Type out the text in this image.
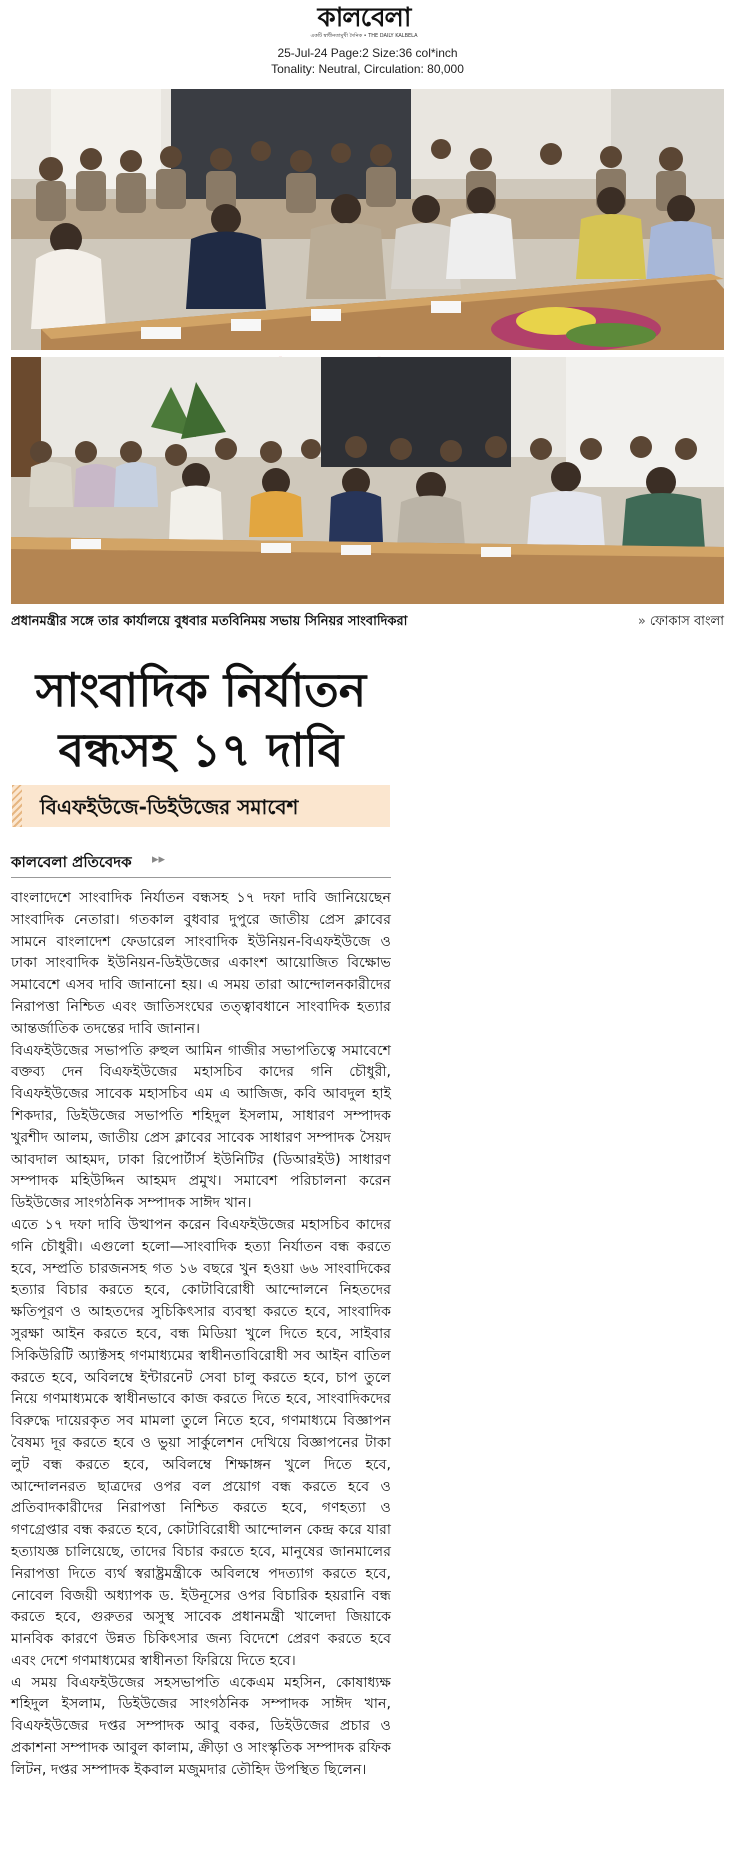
কালবেলা
একটি স্বাধীনতামুখী দৈনিক • THE DAILY KALBELA
25-Jul-24 Page:2 Size:36 col*inch
Tonality: Neutral, Circulation: 80,000
প্রধানমন্ত্রীর সঙ্গে তার কার্যালয়ে বুধবার মতবিনিময় সভায় সিনিয়র সাংবাদিকরা	» ফোকাস বাংলা
সাংবাদিক নির্যাতন
বন্ধসহ ১৭ দাবি
বিএফইউজে-ডিইউজের সমাবেশ
কালবেলা প্রতিবেদক ▸▸

বাংলাদেশে সাংবাদিক নির্যাতন বন্ধসহ ১৭ দফা দাবি জানিয়েছেন সাংবাদিক নেতারা। গতকাল বুধবার দুপুরে জাতীয় প্রেস ক্লাবের সামনে বাংলাদেশ ফেডারেল সাংবাদিক ইউনিয়ন-বিএফইউজে ও ঢাকা সাংবাদিক ইউনিয়ন-ডিইউজের একাংশ আয়োজিত বিক্ষোভ সমাবেশে এসব দাবি জানানো হয়। এ সময় তারা আন্দোলনকারীদের নিরাপত্তা নিশ্চিত এবং জাতিসংঘের তত্ত্বাবধানে সাংবাদিক হত্যার আন্তর্জাতিক তদন্তের দাবি জানান।

বিএফইউজের সভাপতি রুহুল আমিন গাজীর সভাপতিত্বে সমাবেশে বক্তব্য দেন বিএফইউজের মহাসচিব কাদের গনি চৌধুরী, বিএফইউজের সাবেক মহাসচিব এম এ আজিজ, কবি আবদুল হাই শিকদার, ডিইউজের সভাপতি শহিদুল ইসলাম, সাধারণ সম্পাদক খুরশীদ আলম, জাতীয় প্রেস ক্লাবের সাবেক সাধারণ সম্পাদক সৈয়দ আবদাল আহমদ, ঢাকা রিপোর্টার্স ইউনিটির (ডিআরইউ) সাধারণ সম্পাদক মহিউদ্দিন আহমদ প্রমুখ। সমাবেশ পরিচালনা করেন ডিইউজের সাংগঠনিক সম্পাদক সাঈদ খান।

এতে ১৭ দফা দাবি উত্থাপন করেন বিএফইউজের মহাসচিব কাদের গনি চৌধুরী। এগুলো হলো—সাংবাদিক হত্যা নির্যাতন বন্ধ করতে হবে, সম্প্রতি চারজনসহ গত ১৬ বছরে খুন হওয়া ৬৬ সাংবাদিকের হত্যার বিচার করতে হবে, কোটাবিরোধী আন্দোলনে নিহতদের ক্ষতিপূরণ ও আহতদের সুচিকিৎসার ব্যবস্থা করতে হবে, সাংবাদিক সুরক্ষা আইন করতে হবে, বন্ধ মিডিয়া খুলে দিতে হবে, সাইবার সিকিউরিটি অ্যাক্টসহ গণমাধ্যমের স্বাধীনতাবিরোধী সব আইন বাতিল করতে হবে, অবিলম্বে ইন্টারনেট সেবা চালু করতে হবে, চাপ তুলে নিয়ে গণমাধ্যমকে স্বাধীনভাবে কাজ করতে দিতে হবে, সাংবাদিকদের বিরুদ্ধে দায়েরকৃত সব মামলা তুলে নিতে হবে, গণমাধ্যমে বিজ্ঞাপন বৈষম্য দূর করতে হবে ও ভুয়া সার্কুলেশন দেখিয়ে বিজ্ঞাপনের টাকা লুট বন্ধ করতে হবে, অবিলম্বে শিক্ষাঙ্গন খুলে দিতে হবে, আন্দোলনরত ছাত্রদের ওপর বল প্রয়োগ বন্ধ করতে হবে ও প্রতিবাদকারীদের নিরাপত্তা নিশ্চিত করতে হবে, গণহত্যা ও গণগ্রেপ্তার বন্ধ করতে হবে, কোটাবিরোধী আন্দোলন কেন্দ্র করে যারা হত্যাযজ্ঞ চালিয়েছে, তাদের বিচার করতে হবে, মানুষের জানমালের নিরাপত্তা দিতে ব্যর্থ স্বরাষ্ট্রমন্ত্রীকে অবিলম্বে পদত্যাগ করতে হবে, নোবেল বিজয়ী অধ্যাপক ড. ইউনূসের ওপর বিচারিক হয়রানি বন্ধ করতে হবে, গুরুতর অসুস্থ সাবেক প্রধানমন্ত্রী খালেদা জিয়াকে মানবিক কারণে উন্নত চিকিৎসার জন্য বিদেশে প্রেরণ করতে হবে এবং দেশে গণমাধ্যমের স্বাধীনতা ফিরিয়ে দিতে হবে।

এ সময় বিএফইউজের সহসভাপতি একেএম মহসিন, কোষাধ্যক্ষ শহিদুল ইসলাম, ডিইউজের সাংগঠনিক সম্পাদক সাঈদ খান, বিএফইউজের দপ্তর সম্পাদক আবু বকর, ডিইউজের প্রচার ও প্রকাশনা সম্পাদক আবুল কালাম, ক্রীড়া ও সাংস্কৃতিক সম্পাদক রফিক লিটন, দপ্তর সম্পাদক ইকবাল মজুমদার তৌহিদ উপস্থিত ছিলেন।
